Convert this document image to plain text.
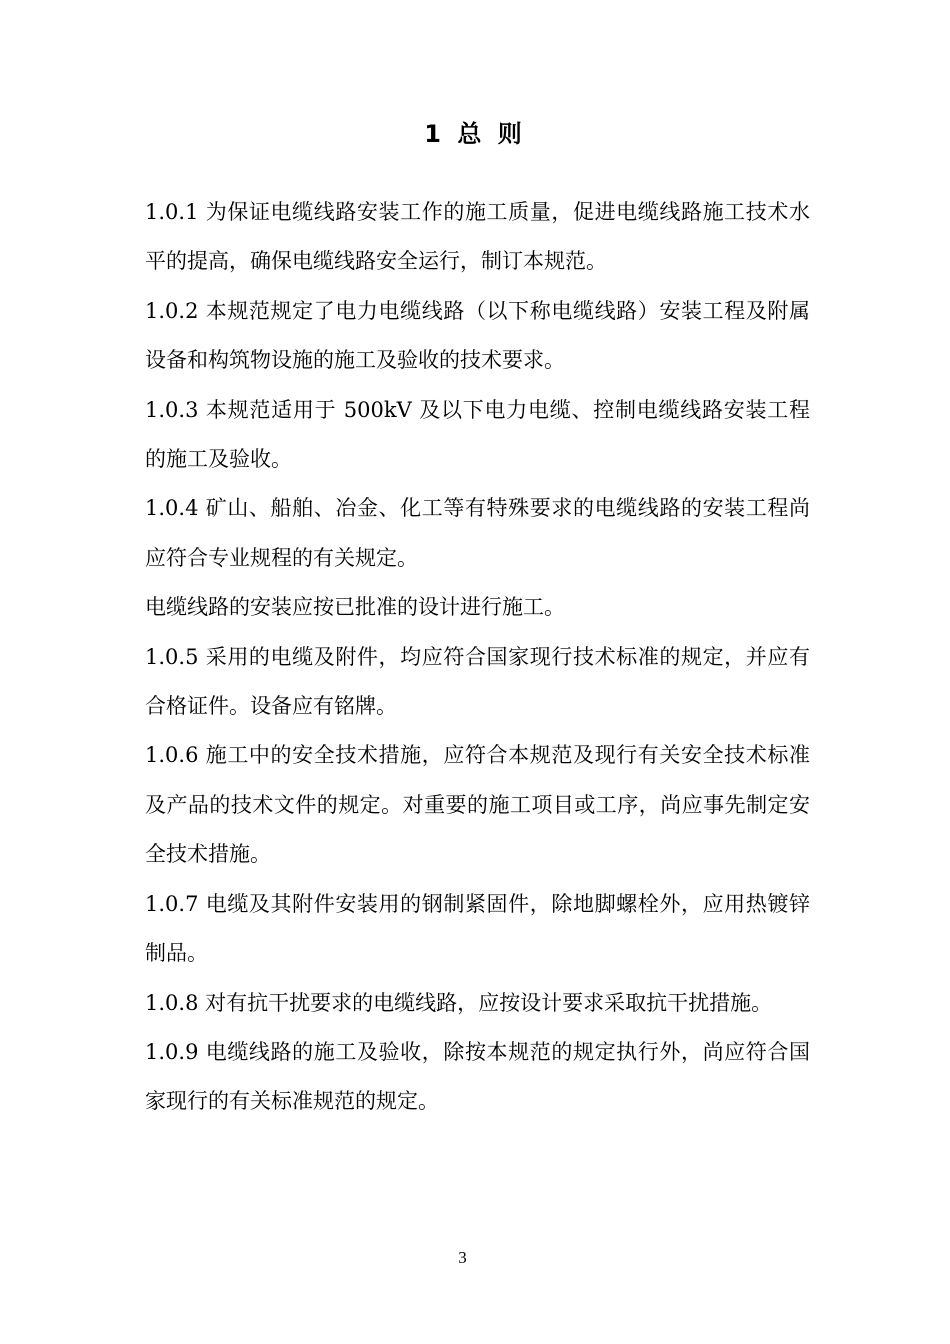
1 总 则

1.0.1 为保证电缆线路安装工作的施工质量，促进电缆线路施工技术水平的提高，确保电缆线路安全运行，制订本规范。

1.0.2 本规范规定了电力电缆线路（以下称电缆线路）安装工程及附属设备和构筑物设施的施工及验收的技术要求。

1.0.3 本规范适用于 500kV 及以下电力电缆、控制电缆线路安装工程的施工及验收。

1.0.4 矿山、船舶、冶金、化工等有特殊要求的电缆线路的安装工程尚应符合专业规程的有关规定。

电缆线路的安装应按已批准的设计进行施工。

1.0.5 采用的电缆及附件，均应符合国家现行技术标准的规定，并应有合格证件。设备应有铭牌。

1.0.6 施工中的安全技术措施，应符合本规范及现行有关安全技术标准及产品的技术文件的规定。对重要的施工项目或工序，尚应事先制定安全技术措施。

1.0.7 电缆及其附件安装用的钢制紧固件，除地脚螺栓外，应用热镀锌制品。

1.0.8 对有抗干扰要求的电缆线路，应按设计要求采取抗干扰措施。

1.0.9 电缆线路的施工及验收，除按本规范的规定执行外，尚应符合国家现行的有关标准规范的规定。

3
